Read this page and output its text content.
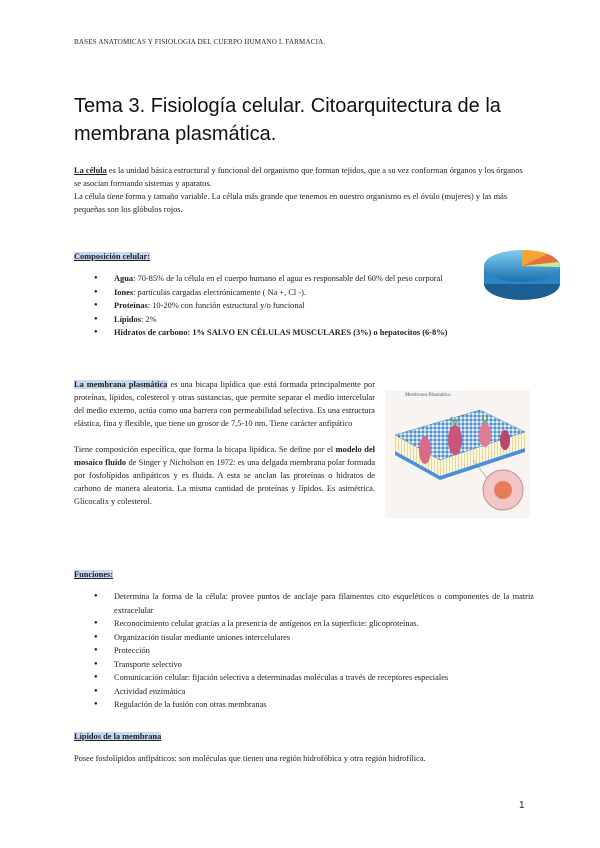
BASES ANATOMICAS Y FISIOLOGIA DEL CUERPO HUMANO I. FARMACIA.
Tema 3. Fisiología celular. Citoarquitectura de la membrana plasmática.
La célula es la unidad básica estructural y funcional del organismo que forman tejidos, que a su vez conforman órganos y los órganos se asocian formando sistemas y aparatos.
La célula tiene forma y tamaño variable. La célula más grande que tenemos en nuestro organismo es el óvulo (mujeres) y las más pequeñas son los glóbulos rojos.
Composición celular:
● Agua: 70-85% de la célula en el cuerpo humano el agua es responsable del 60% del peso corporal
● Iones: partículas cargadas electrónicamente ( Na +, Cl -).
● Proteínas: 10-20% con función estructural y/o funcional
● Lípidos: 2%
● Hidratos de carbono: 1% SALVO EN CÉLULAS MUSCULARES (3%) o hepatocitos (6-8%)
La membrana plasmática es una bicapa lipídica que está formada principalmente por proteínas, lípidos, colesterol y otras sustancias, que permite separar el medio intercelular del medio externo, actúa como una barrera con permeabilidad selectiva. Es una estructura elástica, fina y flexible, que tiene un grosor de 7,5-10 nm. Tiene carácter anfipático
Tiene composición específica, que forma la bicapa lipídica. Se define por el modelo del mosaico fluido de Singer y Nicholson en 1972: es una delgada membrana polar formada por fosfolípidos anfipáticos y es fluida. A esta se anclan las proteínas o hidratos de carbono de manera aleatoria. La misma cantidad de proteínas y lípidos. Es asimétrica. Glicocalix y colesterol.
Membrana Plasmática
Funciones:
● Determina la forma de la célula: provee puntos de anclaje para filamentos cito esqueléticos o componentes de la matriz extracelular
● Reconocimiento celular gracias a la presencia de antígenos en la superficie: glicoproteínas.
● Organización tisular mediante uniones intercelulares
● Protección
● Transporte selectivo
● Comunicación celular: fijación selectiva a determinadas moléculas a través de receptores especiales
● Actividad enzimática
● Regulación de la fusión con otras membranas
Lípidos de la membrana
Posee fosfolípidos anfipáticos: son moléculas que tienen una región hidrofóbica y otra región hidrofílica.
1
